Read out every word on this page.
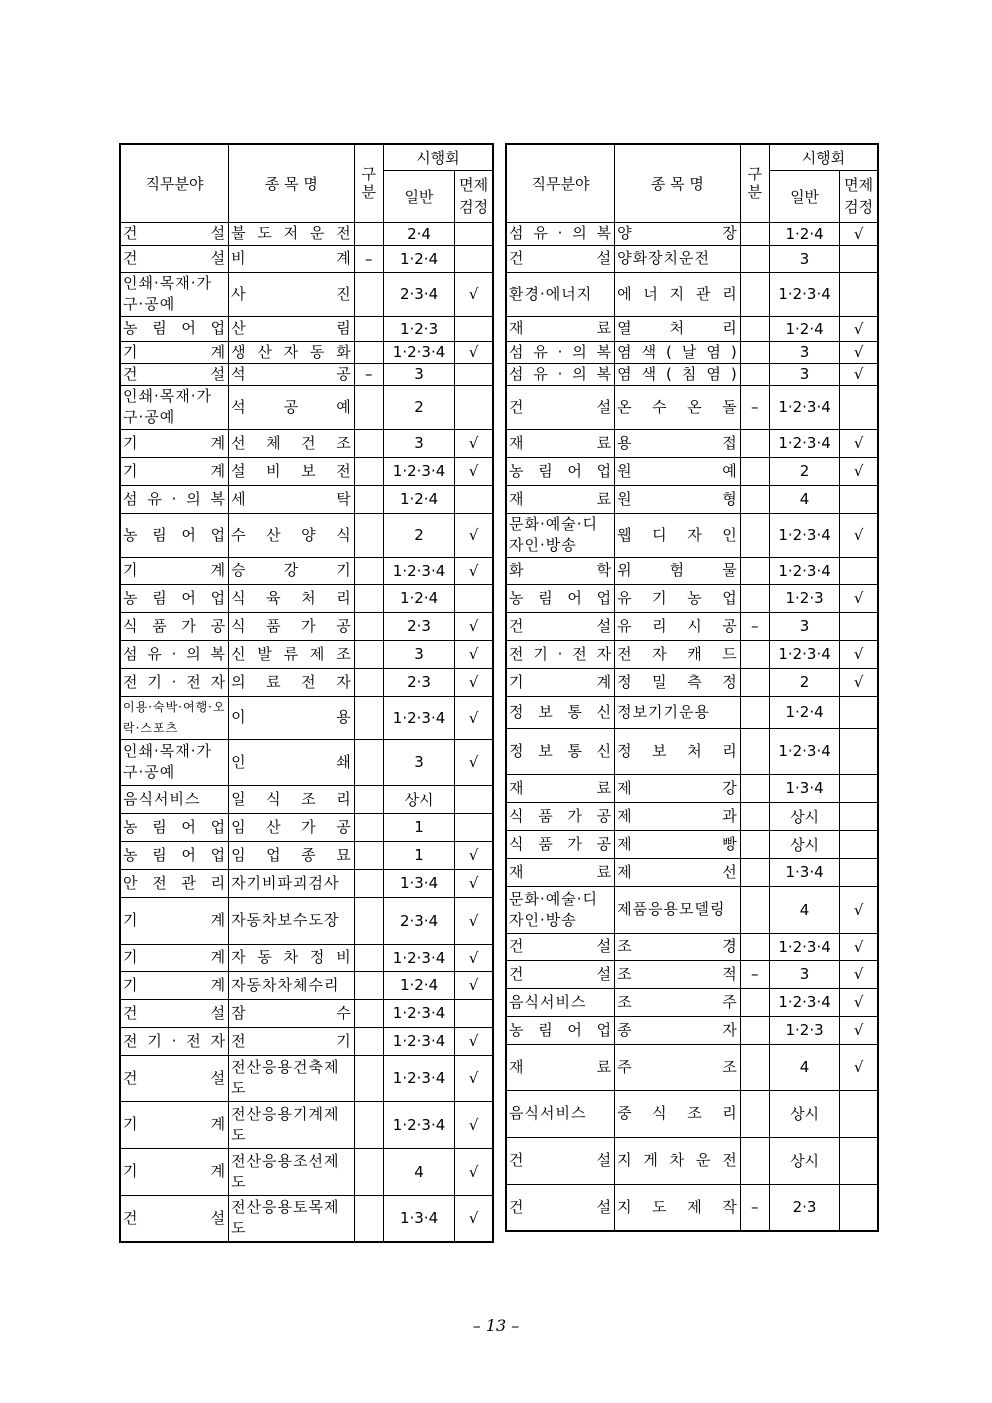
직무분야	종 목 명	구 분	시행회	
			일반	면제 검정
건 설	불 도 저 운 전		2·4	
건 설	비 계	–	1·2·4	
인쇄·목재·가구·공예	사 진		2·3·4	√
농 림 어 업	산 림		1·2·3	
기 계	생 산 자 동 화		1·2·3·4	√
건 설	석 공	–	3	
인쇄·목재·가구·공예	석 공 예		2	
기 계	선 체 건 조		3	√
기 계	설 비 보 전		1·2·3·4	√
섬 유 · 의 복	세 탁		1·2·4	
농 림 어 업	수 산 양 식		2	√
기 계	승 강 기		1·2·3·4	√
농 림 어 업	식 육 처 리		1·2·4	
식 품 가 공	식 품 가 공		2·3	√
섬 유 · 의 복	신 발 류 제 조		3	√
전 기 · 전 자	의 료 전 자		2·3	√
이용·숙박·여행·오락·스포츠	이 용		1·2·3·4	√
인쇄·목재·가구·공예	인 쇄		3	√
음식서비스	일 식 조 리		상시	
농 림 어 업	임 산 가 공		1	
농 림 어 업	임 업 종 묘		1	√
안 전 관 리	자기비파괴검사		1·3·4	√
기 계	자동차보수도장		2·3·4	√
기 계	자 동 차 정 비		1·2·3·4	√
기 계	자동차차체수리		1·2·4	√
건 설	잠 수		1·2·3·4	
전 기 · 전 자	전 기		1·2·3·4	√
건 설	전산응용건축제도		1·2·3·4	√
기 계	전산응용기계제도		1·2·3·4	√
기 계	전산응용조선제도		4	√
건 설	전산응용토목제도		1·3·4	√
직무분야	종 목 명	구 분	시행회	
			일반	면제 검정
섬 유 · 의 복	양 장		1·2·4	√
건 설	양화장치운전		3	
환경·에너지	에 너 지 관 리		1·2·3·4	
재 료	열 처 리		1·2·4	√
섬 유 · 의 복	염 색 ( 날 염 )		3	√
섬 유 · 의 복	염 색 ( 침 염 )		3	√
건 설	온 수 온 돌	–	1·2·3·4	
재 료	용 접		1·2·3·4	√
농 림 어 업	원 예		2	√
재 료	원 형		4	
문화·예술·디자인·방송	웹 디 자 인		1·2·3·4	√
화 학	위 험 물		1·2·3·4	
농 림 어 업	유 기 농 업		1·2·3	√
건 설	유 리 시 공	–	3	
전 기 · 전 자	전 자 캐 드		1·2·3·4	√
기 계	정 밀 측 정		2	√
정 보 통 신	정보기기운용		1·2·4	
정 보 통 신	정 보 처 리		1·2·3·4	
재 료	제 강		1·3·4	
식 품 가 공	제 과		상시	
식 품 가 공	제 빵		상시	
재 료	제 선		1·3·4	
문화·예술·디자인·방송	제품응용모델링		4	√
건 설	조 경		1·2·3·4	√
건 설	조 적	–	3	√
음식서비스	조 주		1·2·3·4	√
농 림 어 업	종 자		1·2·3	√
재 료	주 조		4	√
음식서비스	중 식 조 리		상시	
건 설	지 게 차 운 전		상시	
건 설	지 도 제 작	–	2·3	
– 13 –
